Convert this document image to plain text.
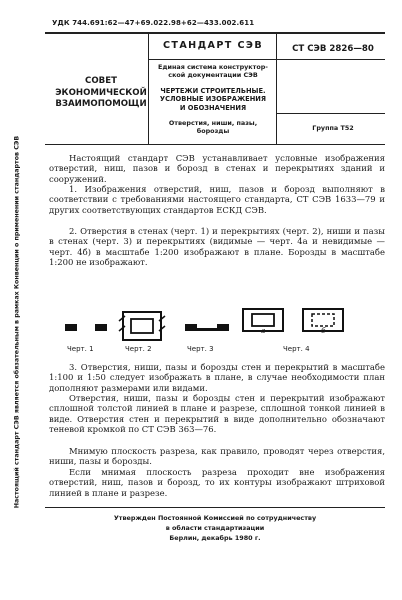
УДК 744.691:62—47+69.022.98+62—433.002.611
Настоящий стандарт СЭВ является обязательным в рамках Конвенции о применении стандартов СЭВ
СОВЕТ
ЭКОНОМИЧЕСКОЙ
ВЗАИМОПОМОЩИ
СТАНДАРТ СЭВ
Единая система конструктор-
ской документации СЭВ
ЧЕРТЕЖИ СТРОИТЕЛЬНЫЕ.
УСЛОВНЫЕ ИЗОБРАЖЕНИЯ
И ОБОЗНАЧЕНИЯ
Отверстия, ниши, пазы,
борозды
СТ СЭВ 2826—80
Группа Т52
Настоящий стандарт СЭВ устанавливает условные изображения отверстий, ниш, пазов и борозд в стенах и перекрытиях зданий и сооружений.
1. Изображения отверстий, ниш, пазов и борозд выполняют в соответствии с требованиями настоящего стандарта, СТ СЭВ 1633—79 и других соответствующих стандартов ЕСКД СЭВ.
2. Отверстия в стенах (черт. 1) и перекрытиях (черт. 2), ниши и пазы в стенах (черт. 3) и перекрытиях (видимые — черт. 4а и невидимые — черт. 4б) в масштабе 1:200 изображают в плане. Борозды в масштабе 1:200 не изображают.
а	б
Черт. 1	Черт. 2	Черт. 3	Черт. 4
3. Отверстия, ниши, пазы и борозды стен и перекрытий в масштабе 1:100 и 1:50 следует изображать в плане, в случае необходимости план дополняют размерами или видами.
Отверстия, ниши, пазы и борозды стен и перекрытий изображают сплошной толстой линией в плане и разрезе, сплошной тонкой линией в виде. Отверстия стен и перекрытий в виде дополнительно обозначают теневой кромкой по СТ СЭВ 363—76.
Мнимую плоскость разреза, как правило, проводят через отверстия, ниши, пазы и борозды.
Если мнимая плоскость разреза проходит вне изображения отверстий, ниш, пазов и борозд, то их контуры изображают штриховой линией в плане и разрезе.
Утвержден Постоянной Комиссией по сотрудничеству
в области стандартизации
Берлин, декабрь 1980 г.
